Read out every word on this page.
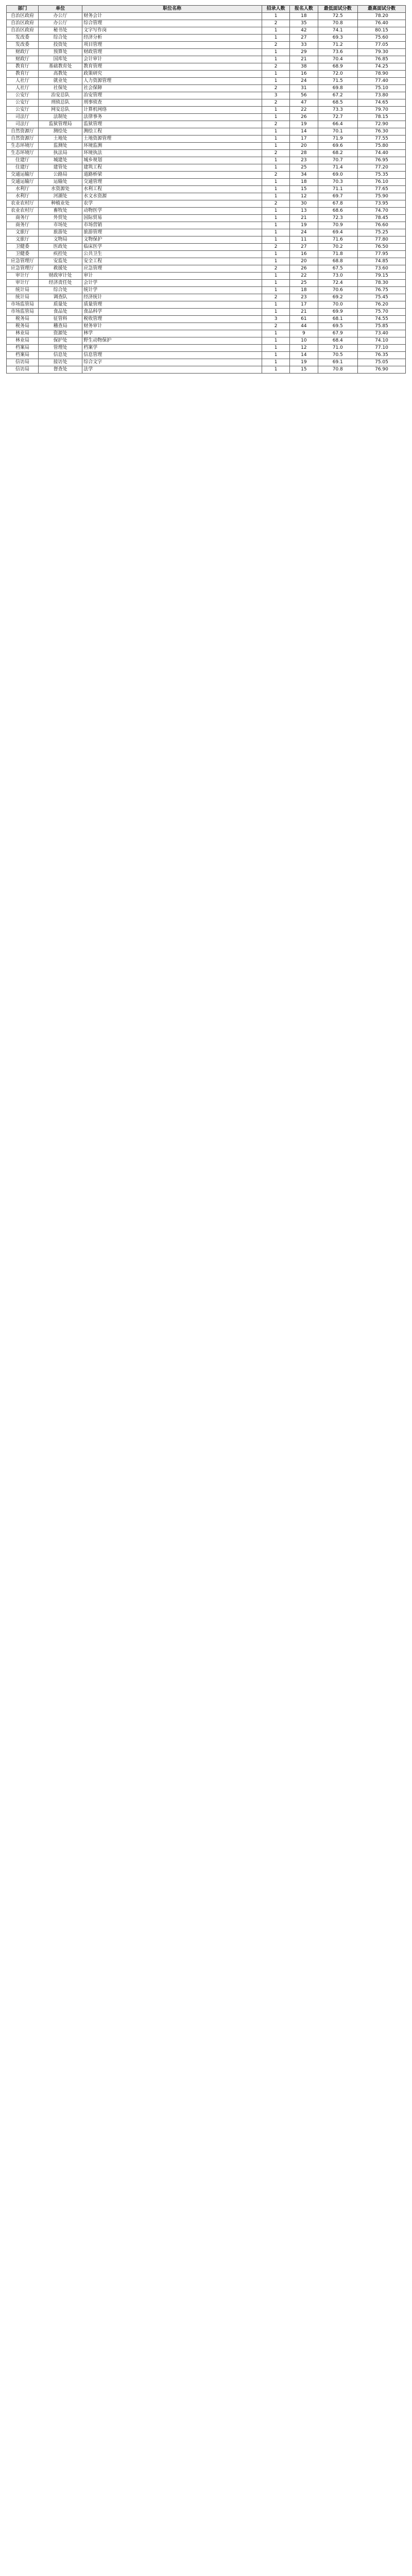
部门	单位	职位名称	招录人数	报名人数	最低面试分数	最高面试分数
自治区政府	办公厅	财务会计	1	18	72.5	78.20
自治区政府	办公厅	综合管理	2	35	70.8	76.40
自治区政府	秘书处	文字写作岗	1	42	74.1	80.15
发改委	综合处	经济分析	1	27	69.3	75.60
发改委	投资处	项目管理	2	33	71.2	77.05
财政厅	预算处	财政管理	1	29	73.6	79.30
财政厅	国库处	会计审计	1	21	70.4	76.85
教育厅	基础教育处	教育管理	2	38	68.9	74.25
教育厅	高教处	政策研究	1	16	72.0	78.90
人社厅	就业处	人力资源管理	1	24	71.5	77.40
人社厅	社保处	社会保障	2	31	69.8	75.10
公安厅	治安总队	治安管理	3	56	67.2	73.80
公安厅	刑侦总队	刑事侦查	2	47	68.5	74.65
公安厅	网安总队	计算机网络	1	22	73.3	79.70
司法厅	法制处	法律事务	1	26	72.7	78.15
司法厅	监狱管理局	监狱管理	2	19	66.4	72.90
自然资源厅	测绘处	测绘工程	1	14	70.1	76.30
自然资源厅	土地处	土地资源管理	1	17	71.9	77.55
生态环境厅	监测处	环境监测	1	20	69.6	75.80
生态环境厅	执法局	环境执法	2	28	68.2	74.40
住建厅	城建处	城乡规划	1	23	70.7	76.95
住建厅	建管处	建筑工程	1	25	71.4	77.20
交通运输厅	公路局	道路桥梁	2	34	69.0	75.35
交通运输厅	运输处	交通管理	1	18	70.3	76.10
水利厅	水资源处	水利工程	1	15	71.1	77.65
水利厅	河湖处	水文水资源	1	12	69.7	75.90
农业农村厅	种植业处	农学	2	30	67.8	73.95
农业农村厅	畜牧处	动物医学	1	13	68.6	74.70
商务厅	外贸处	国际贸易	1	21	72.3	78.45
商务厅	市场处	市场营销	1	19	70.9	76.60
文旅厅	旅游处	旅游管理	1	24	69.4	75.25
文旅厅	文物局	文物保护	1	11	71.6	77.80
卫健委	医政处	临床医学	2	27	70.2	76.50
卫健委	疾控处	公共卫生	1	16	71.8	77.95
应急管理厅	安监处	安全工程	1	20	68.8	74.85
应急管理厅	救援处	应急管理	2	26	67.5	73.60
审计厅	财政审计处	审计	1	22	73.0	79.15
审计厅	经济责任处	会计学	1	25	72.4	78.30
统计局	综合处	统计学	1	18	70.6	76.75
统计局	调查队	经济统计	2	23	69.2	75.45
市场监管局	质量处	质量管理	1	17	70.0	76.20
市场监管局	食品处	食品科学	1	21	69.9	75.70
税务局	征管科	税收管理	3	61	68.1	74.55
税务局	稽查局	财务审计	2	44	69.5	75.85
林业局	资源处	林学	1	9	67.9	73.40
林业局	保护处	野生动物保护	1	10	68.4	74.10
档案局	管理处	档案学	1	12	71.0	77.10
档案局	信息处	信息管理	1	14	70.5	76.35
信访局	接访处	综合文字	1	19	69.1	75.05
信访局	督查处	法学	1	15	70.8	76.90
